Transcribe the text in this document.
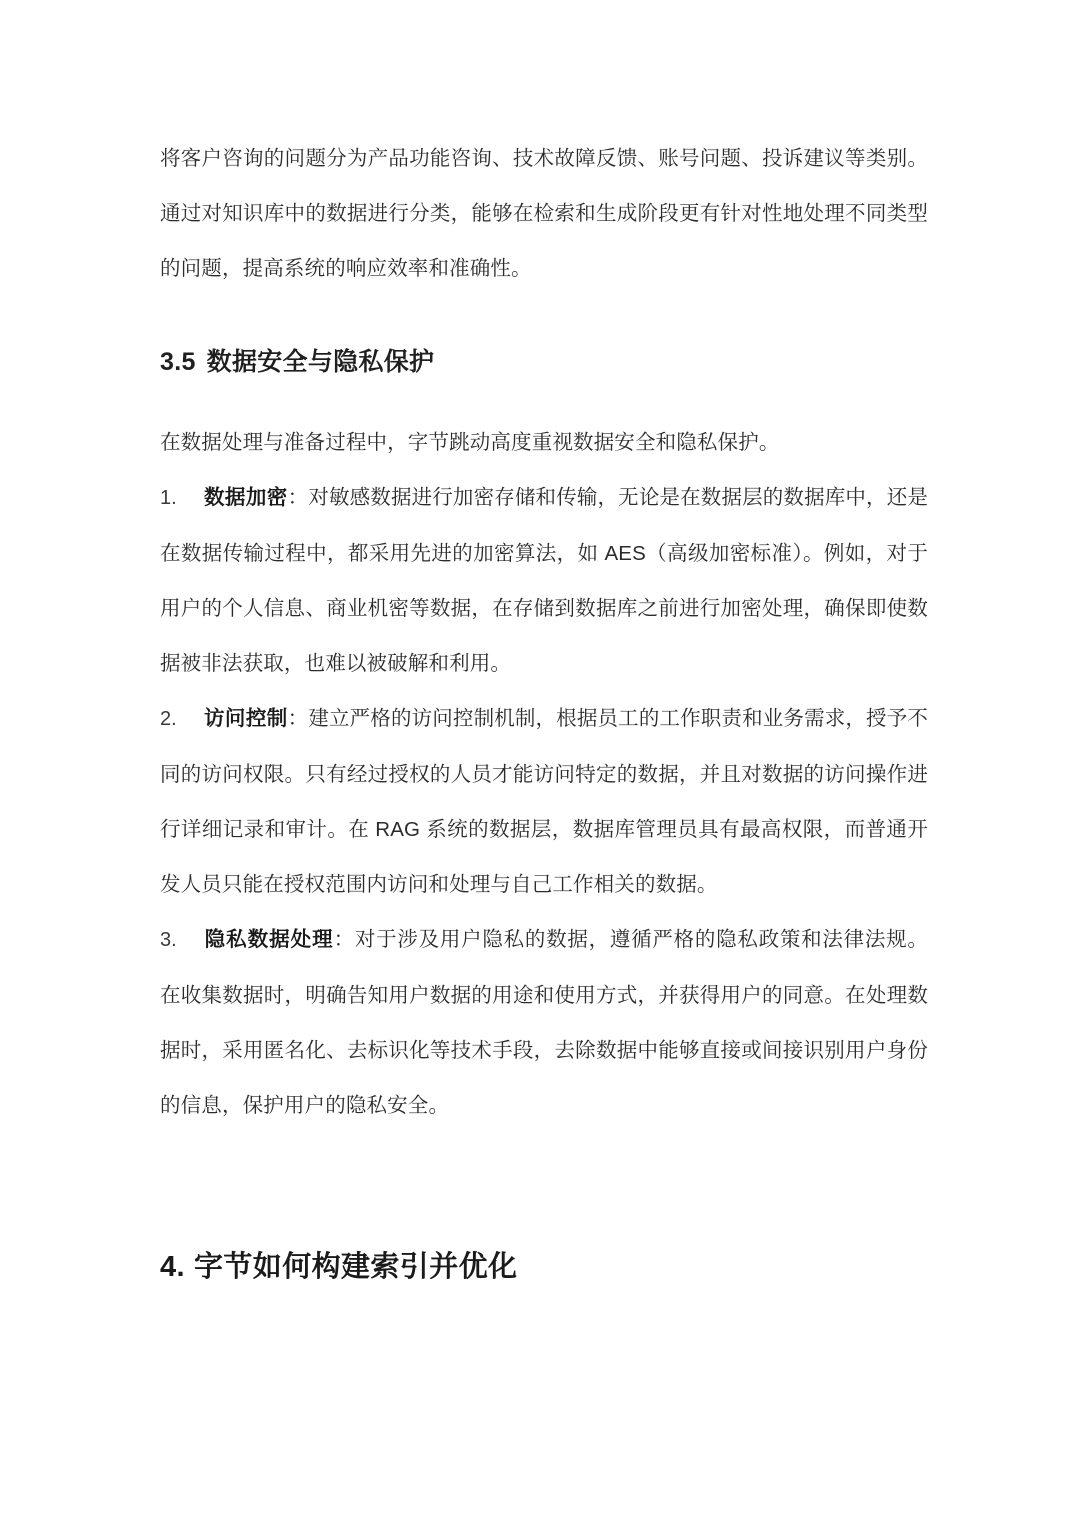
将客户咨询的问题分为产品功能咨询、技术故障反馈、账号问题、投诉建议等类别。通过对知识库中的数据进行分类，能够在检索和生成阶段更有针对性地处理不同类型的问题，提高系统的响应效率和准确性。

3.5 数据安全与隐私保护

在数据处理与准备过程中，字节跳动高度重视数据安全和隐私保护。

1. 数据加密：对敏感数据进行加密存储和传输，无论是在数据层的数据库中，还是在数据传输过程中，都采用先进的加密算法，如 AES（高级加密标准）。例如，对于用户的个人信息、商业机密等数据，在存储到数据库之前进行加密处理，确保即使数据被非法获取，也难以被破解和利用。
2. 访问控制：建立严格的访问控制机制，根据员工的工作职责和业务需求，授予不同的访问权限。只有经过授权的人员才能访问特定的数据，并且对数据的访问操作进行详细记录和审计。在 RAG 系统的数据层，数据库管理员具有最高权限，而普通开发人员只能在授权范围内访问和处理与自己工作相关的数据。
3. 隐私数据处理：对于涉及用户隐私的数据，遵循严格的隐私政策和法律法规。在收集数据时，明确告知用户数据的用途和使用方式，并获得用户的同意。在处理数据时，采用匿名化、去标识化等技术手段，去除数据中能够直接或间接识别用户身份的信息，保护用户的隐私安全。
4. 字节如何构建索引并优化
